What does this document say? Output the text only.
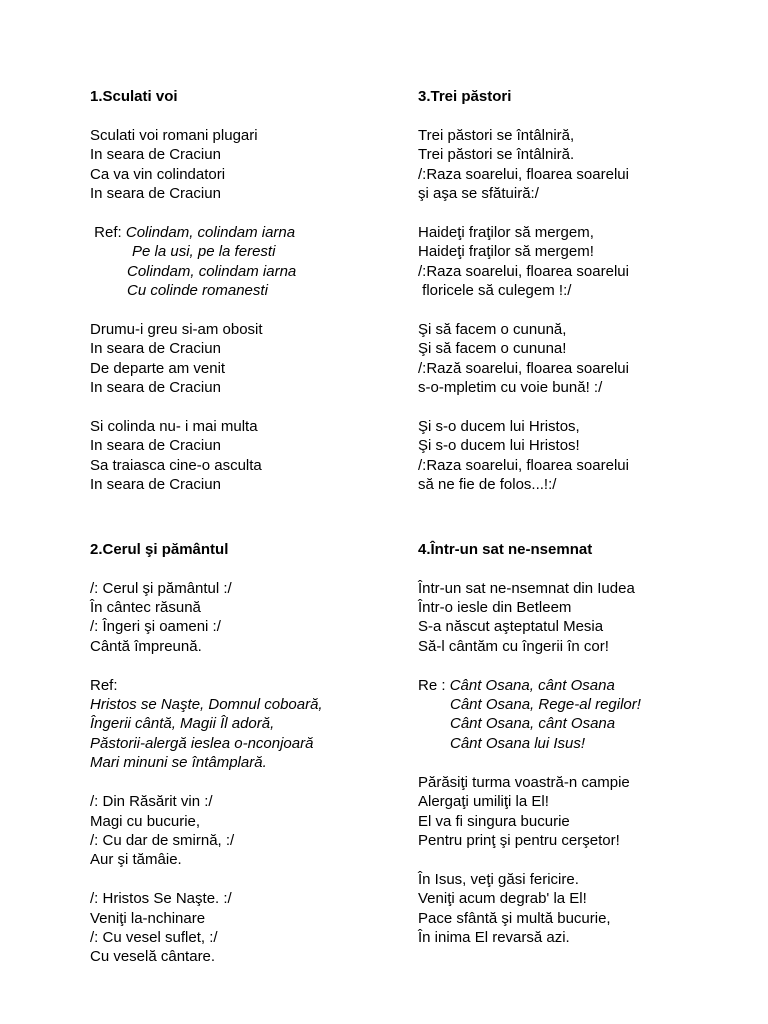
1.Sculati voi
Sculati voi romani plugari
In seara de Craciun
Ca va vin colindatori
In seara de Craciun
Ref: Colindam, colindam iarna
Pe la usi, pe la feresti
Colindam, colindam iarna
Cu colinde romanesti
Drumu-i greu si-am obosit
In seara de Craciun
De departe am venit
In seara de Craciun
Si colinda nu- i mai multa
In seara de Craciun
Sa traiasca cine-o asculta
In seara de Craciun
2.Cerul şi pământul
/: Cerul şi pământul :/
În cântec răsună
/: Îngeri şi oameni :/
Cântă împreună.
Ref:
Hristos se Naşte, Domnul coboară,
Îngerii cântă, Magii Îl adoră,
Păstorii-alergă ieslea o-nconjoară
Mari minuni se întâmplară.
/: Din Răsărit vin :/
Magi cu bucurie,
/: Cu dar de smirnă, :/
Aur şi tămâie.
/: Hristos Se Naşte. :/
Veniţi la-nchinare
/: Cu vesel suflet, :/
Cu veselă cântare.
3.Trei păstori
Trei păstori se întâlniră,
Trei păstori se întâlniră.
/:Raza soarelui, floarea soarelui
şi aşa se sfătuiră:/
Haideţi fraţilor să mergem,
Haideţi fraţilor să mergem!
/:Raza soarelui, floarea soarelui
floricele să culegem !:/
Şi să facem o cunună,
Şi să facem o cununa!
/:Rază soarelui, floarea soarelui
s-o-mpletim cu voie bună! :/
Şi s-o ducem lui Hristos,
Şi s-o ducem lui Hristos!
/:Raza soarelui, floarea soarelui
să ne fie de folos...!:/
4.Într-un sat ne-nsemnat
Într-un sat ne-nsemnat din Iudea
Într-o iesle din Betleem
S-a născut aşteptatul Mesia
Să-l cântăm cu îngerii în cor!
Re : Cânt Osana, cânt Osana
Cânt Osana, Rege-al regilor!
Cânt Osana, cânt Osana
Cânt Osana lui Isus!
Părăsiţi turma voastră-n campie
Alergaţi umiliţi la El!
El va fi singura bucurie
Pentru prinţ şi pentru cerşetor!
În Isus, veţi găsi fericire.
Veniţi acum degrab' la El!
Pace sfântă şi multă bucurie,
În inima El revarsă azi.
